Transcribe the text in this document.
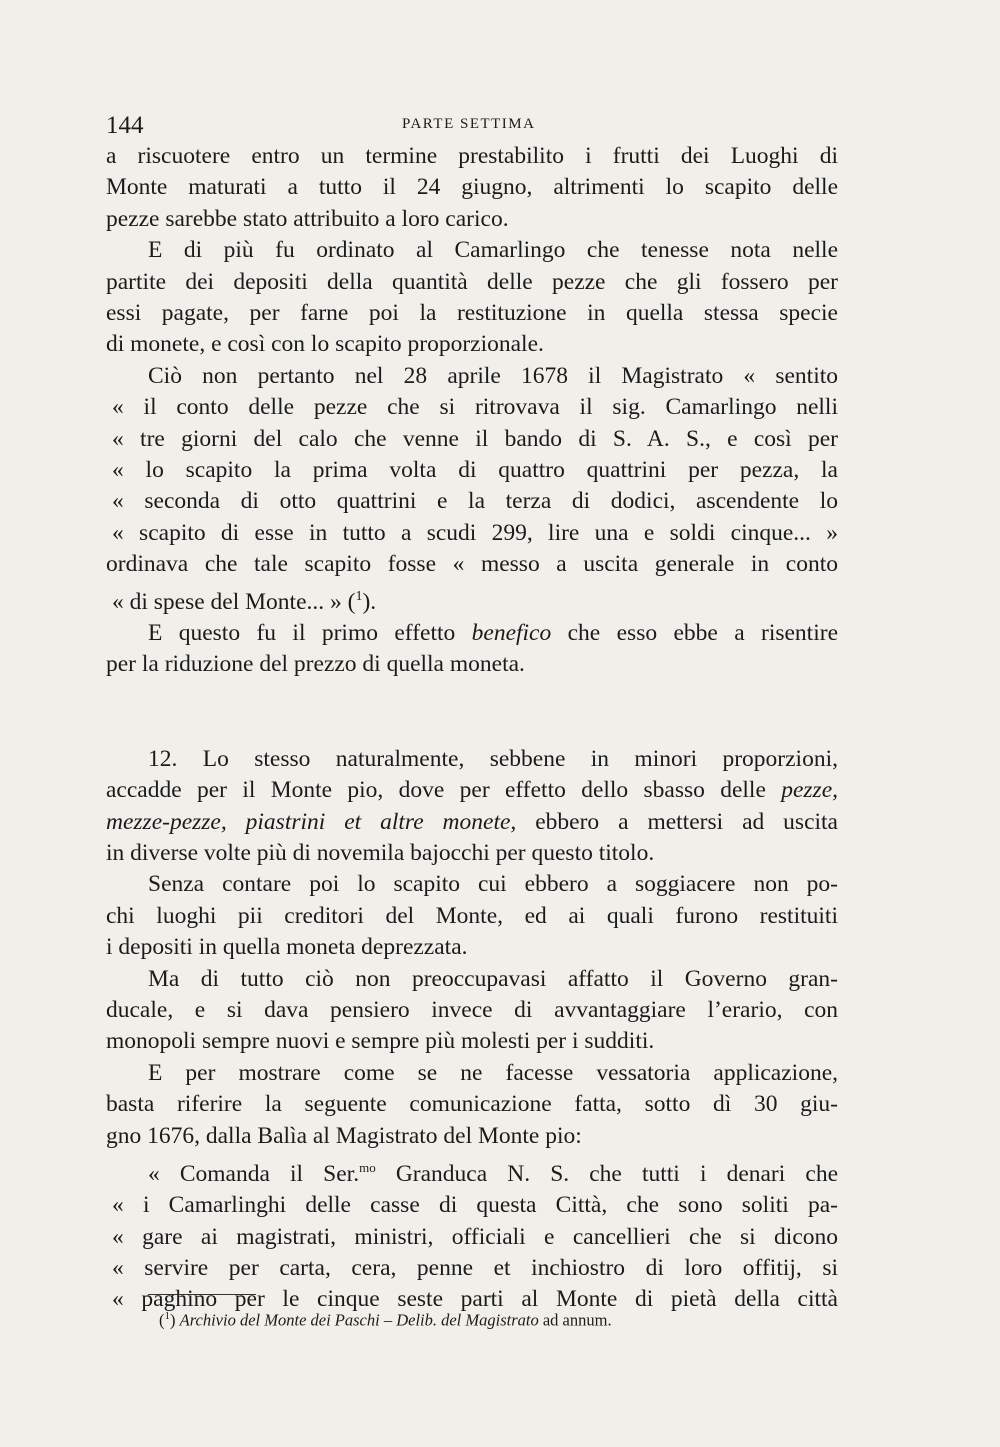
144	PARTE SETTIMA
a riscuotere entro un termine prestabilito i frutti dei Luoghi di
Monte maturati a tutto il 24 giugno, altrimenti lo scapito delle
pezze sarebbe stato attribuito a loro carico.
E di più fu ordinato al Camarlingo che tenesse nota nelle
partite dei depositi della quantità delle pezze che gli fossero per
essi pagate, per farne poi la restituzione in quella stessa specie
di monete, e così con lo scapito proporzionale.
Ciò non pertanto nel 28 aprile 1678 il Magistrato « sentito
« il conto delle pezze che si ritrovava il sig. Camarlingo nelli
« tre giorni del calo che venne il bando di S. A. S., e così per
« lo scapito la prima volta di quattro quattrini per pezza, la
« seconda di otto quattrini e la terza di dodici, ascendente lo
« scapito di esse in tutto a scudi 299, lire una e soldi cinque... »
ordinava che tale scapito fosse « messo a uscita generale in conto
« di spese del Monte... » ($^1$).
E questo fu il primo effetto benefico che esso ebbe a risentire
per la riduzione del prezzo di quella moneta.
12. Lo stesso naturalmente, sebbene in minori proporzioni,
accadde per il Monte pio, dove per effetto dello sbasso delle pezze,
mezze-pezze, piastrini et altre monete, ebbero a mettersi ad uscita
in diverse volte più di novemila bajocchi per questo titolo.
Senza contare poi lo scapito cui ebbero a soggiacere non po-
chi luoghi pii creditori del Monte, ed ai quali furono restituiti
i depositi in quella moneta deprezzata.
Ma di tutto ciò non preoccupavasi affatto il Governo gran-
ducale, e si dava pensiero invece di avvantaggiare l’erario, con
monopoli sempre nuovi e sempre più molesti per i sudditi.
E per mostrare come se ne facesse vessatoria applicazione,
basta riferire la seguente comunicazione fatta, sotto dì 30 giu-
gno 1676, dalla Balìa al Magistrato del Monte pio:
« Comanda il Ser.$^{mo}$ Granduca N. S. che tutti i denari che
« i Camarlinghi delle casse di questa Città, che sono soliti pa-
« gare ai magistrati, ministri, officiali e cancellieri che si dicono
« servire per carta, cera, penne et inchiostro di loro offitij, si
« paghino per le cinque seste parti al Monte di pietà della città
($^1$) Archivio del Monte dei Paschi – Delib. del Magistrato ad annum.
